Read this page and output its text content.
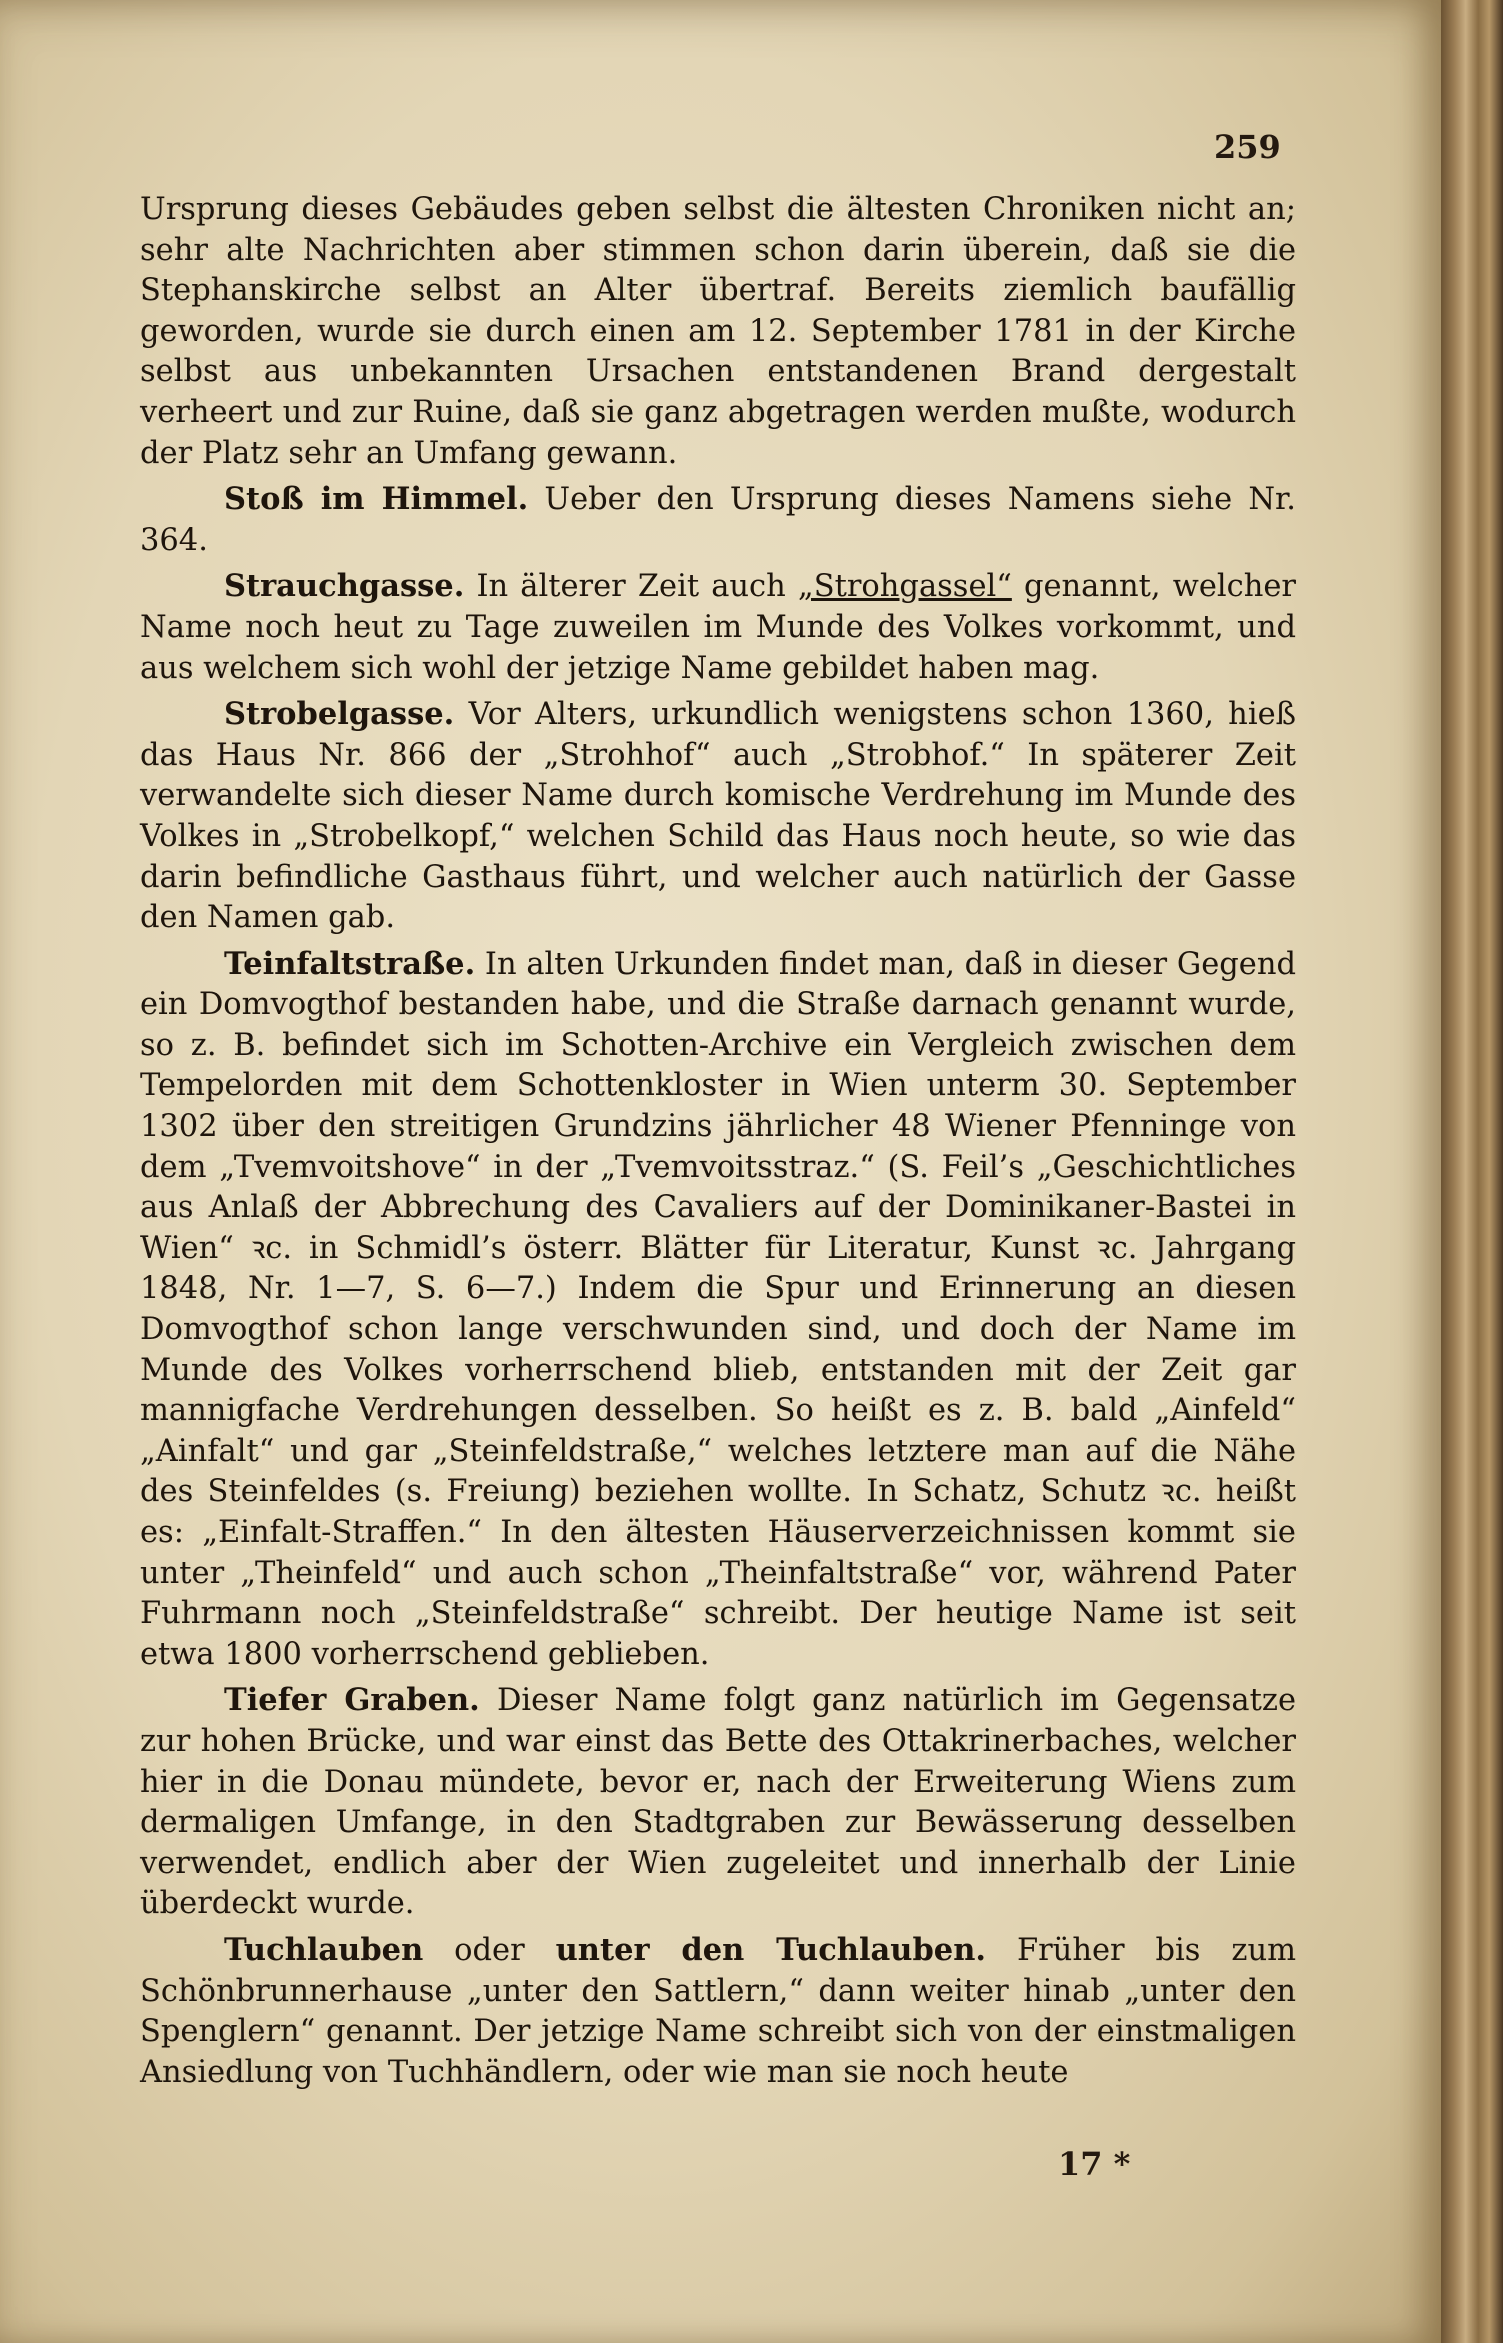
259

Ursprung dieses Gebäudes geben selbst die ältesten Chroniken nicht an; sehr alte Nachrichten aber stimmen schon darin überein, daß sie die Stephanskirche selbst an Alter übertraf. Bereits ziemlich baufällig geworden, wurde sie durch einen am 12. September 1781 in der Kirche selbst aus unbekannten Ursachen entstandenen Brand dergestalt verheert und zur Ruine, daß sie ganz abgetragen werden mußte, wodurch der Platz sehr an Umfang gewann.

Stoß im Himmel. Ueber den Ursprung dieses Namens siehe Nr. 364.

Strauchgasse. In älterer Zeit auch „Strohgassel“ genannt, welcher Name noch heut zu Tage zuweilen im Munde des Volkes vorkommt, und aus welchem sich wohl der jetzige Name gebildet haben mag.

Strobelgasse. Vor Alters, urkundlich wenigstens schon 1360, hieß das Haus Nr. 866 der „Strohhof“ auch „Strobhof.“ In späterer Zeit verwandelte sich dieser Name durch komische Verdrehung im Munde des Volkes in „Strobelkopf,“ welchen Schild das Haus noch heute, so wie das darin befindliche Gasthaus führt, und welcher auch natürlich der Gasse den Namen gab.

Teinfaltstraße. In alten Urkunden findet man, daß in dieser Gegend ein Domvogthof bestanden habe, und die Straße darnach genannt wurde, so z. B. befindet sich im Schotten-Archive ein Vergleich zwischen dem Tempelorden mit dem Schottenkloster in Wien unterm 30. September 1302 über den streitigen Grundzins jährlicher 48 Wiener Pfenninge von dem „Tvemvoitshove“ in der „Tvemvoitsstraz.“ (S. Feil’s „Geschichtliches aus Anlaß der Abbrechung des Cavaliers auf der Dominikaner-Bastei in Wien“ ꝛc. in Schmidl’s österr. Blätter für Literatur, Kunst ꝛc. Jahrgang 1848, Nr. 1—7, S. 6—7.) Indem die Spur und Erinnerung an diesen Domvogthof schon lange verschwunden sind, und doch der Name im Munde des Volkes vorherrschend blieb, entstanden mit der Zeit gar mannigfache Verdrehungen desselben. So heißt es z. B. bald „Ainfeld“ „Ainfalt“ und gar „Steinfeldstraße,“ welches letztere man auf die Nähe des Steinfeldes (s. Freiung) beziehen wollte. In Schatz, Schutz ꝛc. heißt es: „Einfalt-Straffen.“ In den ältesten Häuserverzeichnissen kommt sie unter „Theinfeld“ und auch schon „Theinfaltstraße“ vor, während Pater Fuhrmann noch „Steinfeldstraße“ schreibt. Der heutige Name ist seit etwa 1800 vorherrschend geblieben.

Tiefer Graben. Dieser Name folgt ganz natürlich im Gegensatze zur hohen Brücke, und war einst das Bette des Ottakrinerbaches, welcher hier in die Donau mündete, bevor er, nach der Erweiterung Wiens zum dermaligen Umfange, in den Stadtgraben zur Bewässerung desselben verwendet, endlich aber der Wien zugeleitet und innerhalb der Linie überdeckt wurde.

Tuchlauben oder unter den Tuchlauben. Früher bis zum Schönbrunnerhause „unter den Sattlern,“ dann weiter hinab „unter den Spenglern“ genannt. Der jetzige Name schreibt sich von der einstmaligen Ansiedlung von Tuchhändlern, oder wie man sie noch heute

17 *
